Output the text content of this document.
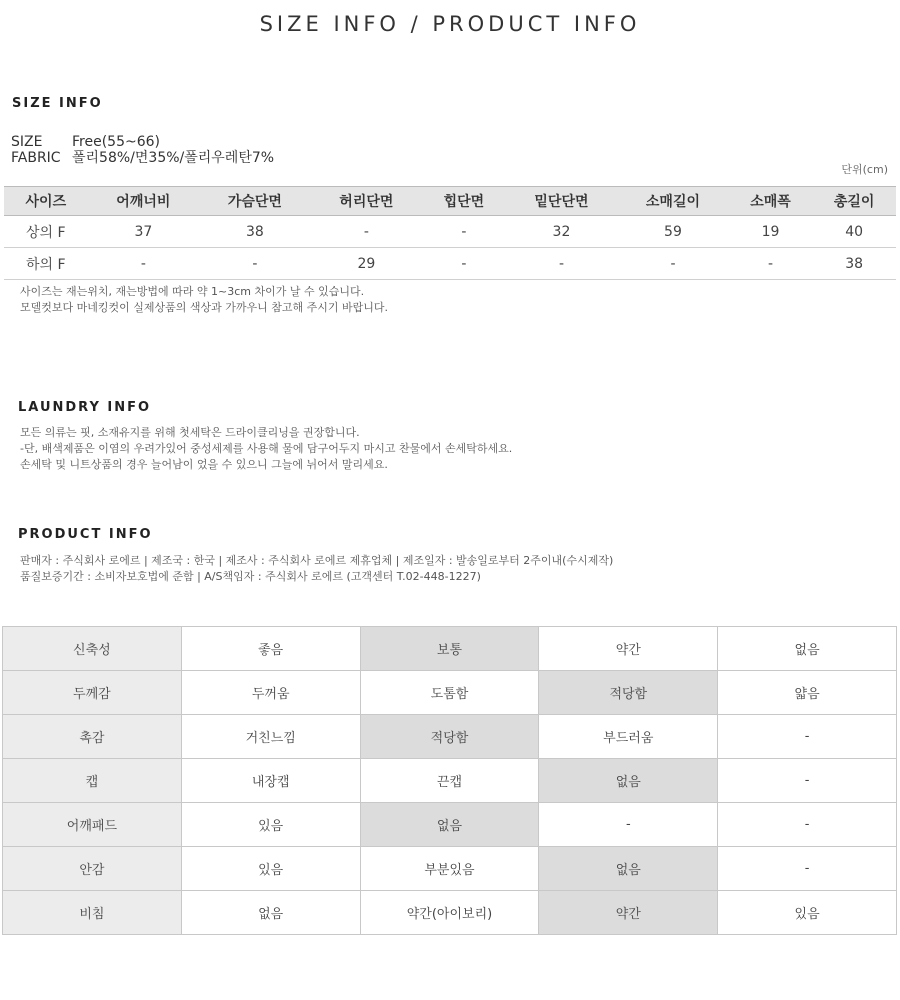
SIZE INFO / PRODUCT INFO
SIZE INFO
SIZE	Free(55~66)
FABRIC 폴리58%/면35%/폴리우레탄7%
단위(cm)
사이즈	어깨너비	가슴단면	허리단면	힙단면	밑단단면	소매길이	소매폭	총길이
상의 F	37	38	-	-	32	59	19	40
하의 F	-	-	29	-	-	-	-	38
사이즈는 재는위치, 재는방법에 따라 약 1~3cm 차이가 날 수 있습니다.
모델컷보다 마네킹컷이 실제상품의 색상과 가까우니 참고해 주시기 바랍니다.
LAUNDRY INFO
모든 의류는 핏, 소재유지를 위해 첫세탁은 드라이클리닝을 권장합니다.
-단, 배색제품은 이염의 우려가있어 중성세제를 사용해 물에 담구어두지 마시고 찬물에서 손세탁하세요.
손세탁 및 니트상품의 경우 늘어남이 었을 수 있으니 그늘에 뉘어서 말리세요.
PRODUCT INFO
판매자 : 주식회사 로에르 | 제조국 : 한국 | 제조사 : 주식회사 로에르 제휴업체 | 제조일자 : 발송일로부터 2주이내(수시제작)
품질보증기간 : 소비자보호법에 준함 | A/S책임자 : 주식회사 로에르 (고객센터 T.02-448-1227)
신축성	좋음	보통	약간	없음
두께감	두꺼움	도톰함	적당함	얇음
촉감	거친느낌	적당함	부드러움	-
캡	내장캡	끈캡	없음	-
어깨패드	있음	없음	-	-
안감	있음	부분있음	없음	-
비침	없음	약간(아이보리)	약간	있음
